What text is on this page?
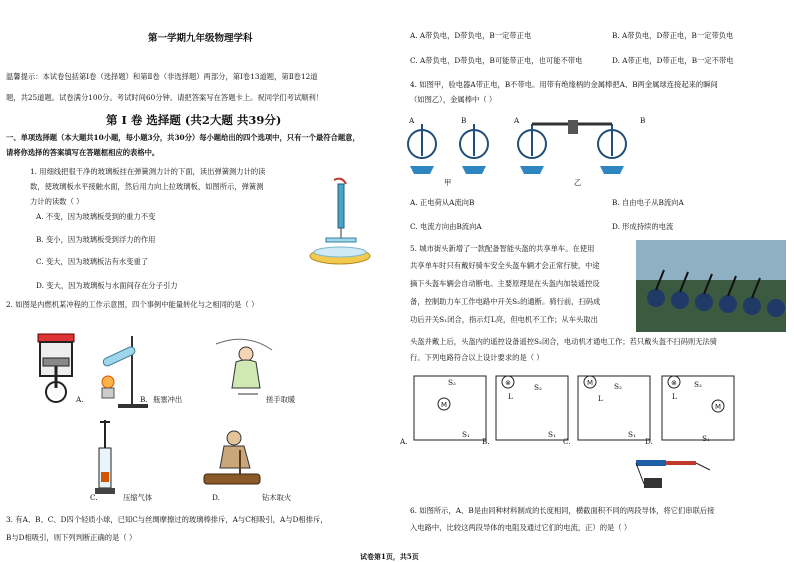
第一学期九年级物理学科
温馨提示：本试卷包括第Ⅰ卷（选择题）和第Ⅱ卷（非选择题）两部分，第Ⅰ卷13道题，第Ⅱ卷12道
题，共25道题。试卷满分100分。考试时间60分钟。请把答案写在答题卡上。祝同学们考试顺利！
第 Ⅰ 卷 选择题 (共2大题 共39分)
一、单项选择题（本大题共10小题，每小题3分，共30分）每小题给出的四个选项中，只有一个最符合题意，
请将你选择的答案填写在答题框相应的表格中。
1. 用细线把很干净的玻璃板挂在弹簧测力计的下面，读出弹簧测力计的读
数，使玻璃板水平接触水面，然后用力向上拉玻璃板，如图所示，弹簧测
力计的读数（ ）
A. 不变，因为玻璃板受到的重力不变
B. 变小，因为玻璃板受到浮力的作用
C. 变大，因为玻璃板沾有水变重了
D. 变大，因为玻璃板与水面间存在分子引力
2. 如图是内燃机某冲程的工作示意图，四个事例中能量转化与之相同的是（ ）
A.	B. 瓶塞冲出	搓手取暖
C.	压缩气体	D.	钻木取火
3. 有A、B、C、D四个轻质小球，已知C与丝绸摩擦过的玻璃棒排斥，A与C相吸引，A与D相排斥，
B与D相吸引，则下列判断正确的是（ ）
试卷第1页，共5页
A. A带负电，D带负电，B一定带正电	B. A带负电，D带正电，B一定带负电
C. A带负电，D带负电，B可能带正电，也可能不带电	D. A带正电，D带正电，B一定不带电
4. 如图甲，验电器A带正电，B不带电。用带有绝缘柄的金属棒把A、B两金属球连接起来的瞬间
（如图乙），金属棒中（ ）
A	B	A	B
甲	乙
A. 正电荷从A流向B	B. 自由电子从B流向A
C. 电流方向由B流向A	D. 形成持续的电流
5. 城市街头新增了一款配备智能头盔的共享单车。在使用
共享单车时只有戴好骑车安全头盔车辆才会正常行驶，中途
摘下头盔车辆会自动断电。主要原理是在头盔内加装遥控设
备，控制助力车工作电路中开关S₂的通断。骑行前，扫码成
功后开关S₁闭合，指示灯L亮，但电机不工作；从车头取出
头盔并戴上后，头盔内的遥控设备遥控S₂闭合，电动机才通电工作；若只戴头盔不扫码则无法骑
行。下列电路符合以上设计要求的是（ ）
M
⊗	M	⊗
M
A.	B.	C.	D.
S₂
S₁
L
S₂
S₁
L
S₂
S₁
L
S₂
S₁
6. 如图所示，A、B是由同种材料制成的长度相同，横截面积不同的两段导体，将它们串联后接
入电路中，比较这两段导体的电阻及通过它们的电流，正）的是（ ）
